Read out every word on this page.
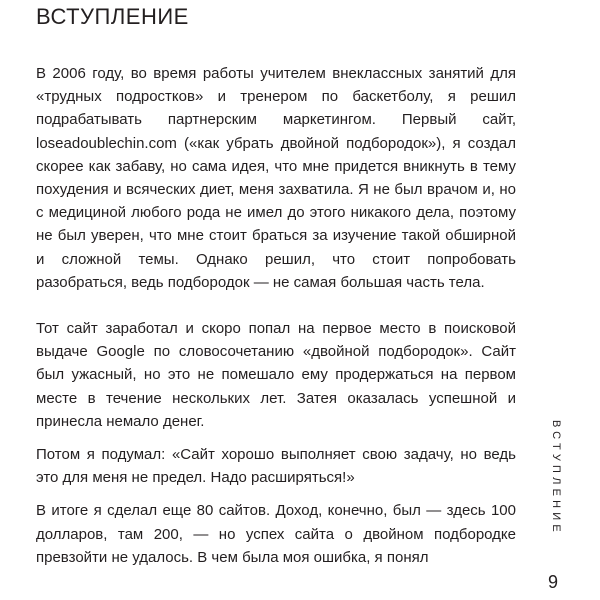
ВСТУПЛЕНИЕ

В 2006 году, во время работы учителем внеклассных занятий для «трудных подростков» и тренером по баскетболу, я решил подрабатывать партнерским маркетингом. Первый сайт, loseadoublechin.com («как убрать двойной подбородок»), я создал скорее как забаву, но сама идея, что мне придется вникнуть в тему похудения и всяческих диет, меня захватила. Я не был врачом и, но с медициной любого рода не имел до этого никакого дела, поэтому не был уверен, что мне стоит браться за изучение такой обширной и сложной темы. Однако решил, что стоит попробовать разобраться, ведь подбородок — не самая большая часть тела.

Тот сайт заработал и скоро попал на первое место в поисковой выдаче Google по словосочетанию «двойной подбородок». Сайт был ужасный, но это не помешало ему продержаться на первом месте в течение нескольких лет. Затея оказалась успешной и принесла немало денег.

Потом я подумал: «Сайт хорошо выполняет свою задачу, но ведь это для меня не предел. Надо расширяться!»

В итоге я сделал еще 80 сайтов. Доход, конечно, был — здесь 100 долларов, там 200, — но успех сайта о двойном подбородке превзойти не удалось. В чем была моя ошибка, я понял

ВСТУПЛЕНИЕ
9
